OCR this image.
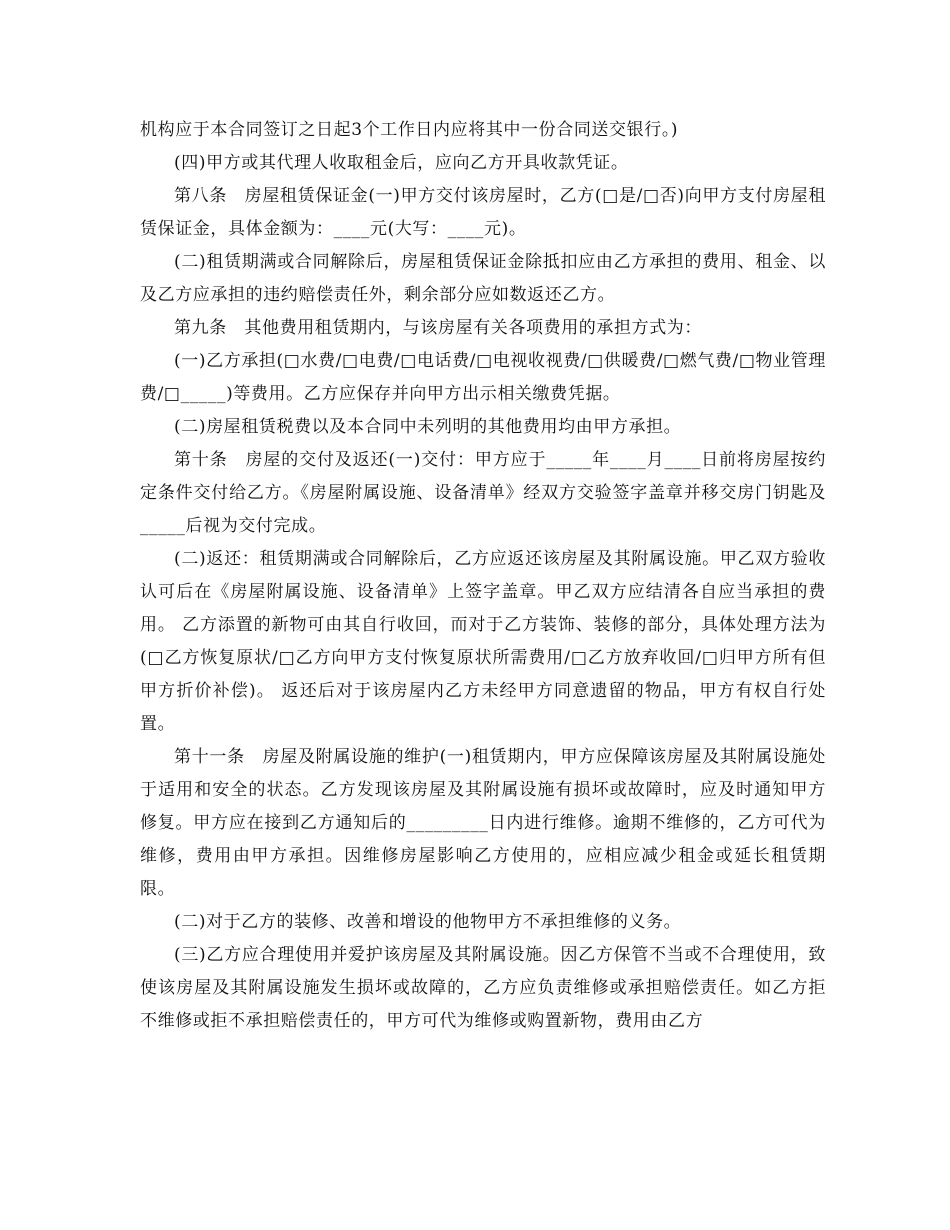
机构应于本合同签订之日起3个工作日内应将其中一份合同送交银行。)

(四)甲方或其代理人收取租金后，应向乙方开具收款凭证。

第八条　房屋租赁保证金(一)甲方交付该房屋时，乙方(□是/□否)向甲方支付房屋租赁保证金，具体金额为：____元(大写：____元)。

(二)租赁期满或合同解除后，房屋租赁保证金除抵扣应由乙方承担的费用、租金、以及乙方应承担的违约赔偿责任外，剩余部分应如数返还乙方。

第九条　其他费用租赁期内，与该房屋有关各项费用的承担方式为：

(一)乙方承担(□水费/□电费/□电话费/□电视收视费/□供暖费/□燃气费/□物业管理费/□_____)等费用。乙方应保存并向甲方出示相关缴费凭据。

(二)房屋租赁税费以及本合同中未列明的其他费用均由甲方承担。

第十条　房屋的交付及返还(一)交付：甲方应于_____年____月____日前将房屋按约定条件交付给乙方。《房屋附属设施、设备清单》经双方交验签字盖章并移交房门钥匙及_____后视为交付完成。

(二)返还：租赁期满或合同解除后，乙方应返还该房屋及其附属设施。甲乙双方验收认可后在《房屋附属设施、设备清单》上签字盖章。甲乙双方应结清各自应当承担的费用。 乙方添置的新物可由其自行收回，而对于乙方装饰、装修的部分，具体处理方法为(□乙方恢复原状/□乙方向甲方支付恢复原状所需费用/□乙方放弃收回/□归甲方所有但甲方折价补偿)。 返还后对于该房屋内乙方未经甲方同意遗留的物品，甲方有权自行处置。

第十一条　房屋及附属设施的维护(一)租赁期内，甲方应保障该房屋及其附属设施处于适用和安全的状态。乙方发现该房屋及其附属设施有损坏或故障时，应及时通知甲方修复。甲方应在接到乙方通知后的_________日内进行维修。逾期不维修的，乙方可代为维修，费用由甲方承担。因维修房屋影响乙方使用的，应相应减少租金或延长租赁期限。

(二)对于乙方的装修、改善和增设的他物甲方不承担维修的义务。

(三)乙方应合理使用并爱护该房屋及其附属设施。因乙方保管不当或不合理使用，致使该房屋及其附属设施发生损坏或故障的，乙方应负责维修或承担赔偿责任。如乙方拒不维修或拒不承担赔偿责任的，甲方可代为维修或购置新物，费用由乙方
